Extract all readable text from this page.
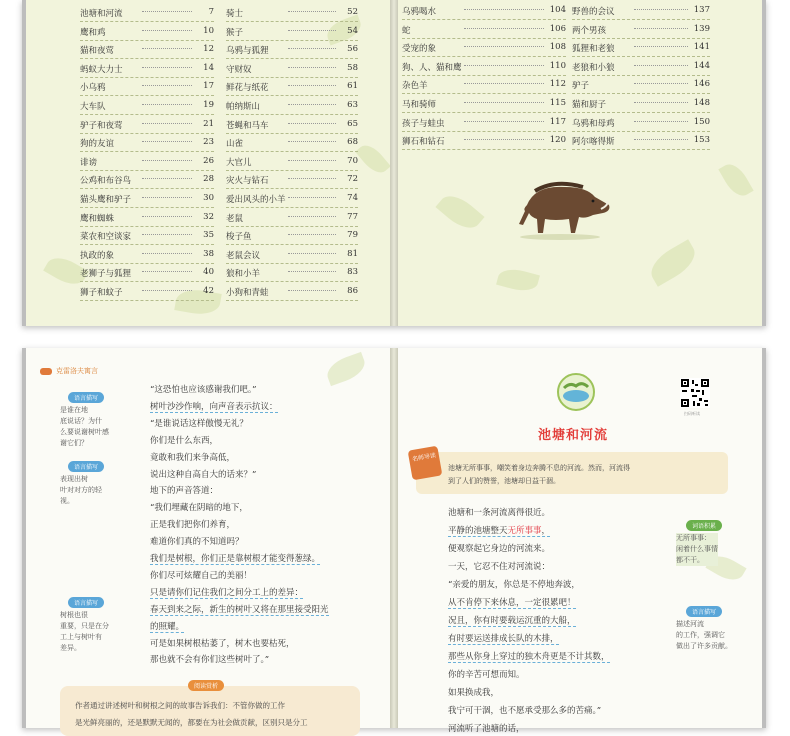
池塘和河流	7
鹰和鸡	10
猫和夜莺	12
蚂蚁大力士	14
小乌鸦	17
大车队	19
驴子和夜莺	21
狗的友谊	23
诽谤	26
公鸡和布谷鸟	28
猫头鹰和驴子	30
鹰和蜘蛛	32
菜农和空谈家	35
执政的象	38
老狮子与狐狸	40
狮子和蚊子	42
骑士	52
猴子	54
乌鸦与狐狸	56
守财奴	58
鲜花与纸花	61
帕纳斯山	63
苍蝇和马车	65
山雀	68
大官儿	70
灾火与钻石	72
爱出风头的小羊	74
老鼠	77
梭子鱼	79
老鼠会议	81
狼和小羊	83
小狗和青蛙	86
乌鸦喝水	104
蛇	106
受宠的象	108
狗、人、猫和鹰	110
杂色羊	112
马和骑师	115
孩子与蛙虫	117
狮石和钻石	120
野兽的会议	137
两个男孩	139
狐狸和老狼	141
老狼和小狼	144
驴子	146
猫和厨子	148
乌鸦和母鸡	150
阿尔喀得斯	153
克雷洛夫寓言
语言描写
是谁在地
底说话？为什
么要说谢树叶感
谢它们？
语言描写
表现出树
叶对对方的轻
视。
语言描写
树根也很
重要，只是在分
工上与树叶有
差异。
“这恐怕也应该感谢我们吧。”
树叶沙沙作响，向声音表示抗议：
“是谁说话这样傲慢无礼？
你们是什么东西，
竟敢和我们来争高低，
说出这种自高自大的话来？”
地下的声音答道：
“我们埋藏在阴暗的地下，
正是我们把你们养育，
难道你们真的不知道吗？
我们是树根，你们正是靠树根才能变得葱绿。
你们尽可炫耀自己的美丽！
只是请你们记住我们之间分工上的差异：
春天到来之际，新生的树叶又将在那里接受阳光
的照耀。
可是如果树根枯萎了，树木也要枯死，
那也就不会有你们这些树叶了。”
阅读赏析
作者通过讲述树叶和树根之间的故事告诉我们：不管你做的工作
是光鲜亮丽的，还是默默无闻的，都要在为社会做贡献，区别只是分工
池塘和河流
扫码听读
名师导读
池塘无所事事，嘲笑着身边奔腾不息的河流。然而，河流得
到了人们的赞誉，池塘却日益干涸。
池塘和一条河流离得很近。
平静的池塘整天无所事事，
便观察起它身边的河流来。
一天，它忍不住对河流说：
“亲爱的朋友，你总是不停地奔波，
从不肯停下来休息，一定很累吧！
况且，你有时要载运沉重的大船，
有时要运送排成长队的木排，
那些从你身上穿过的独木舟更是不计其数，
你的辛苦可想而知。
如果换成我，
我宁可干涸，也不愿承受那么多的苦痛。”
河流听了池塘的话，
词语积累
无所事事：
闲着什么事情
都不干。
语言描写
描述河流
的工作，强调它
做出了许多贡献。
